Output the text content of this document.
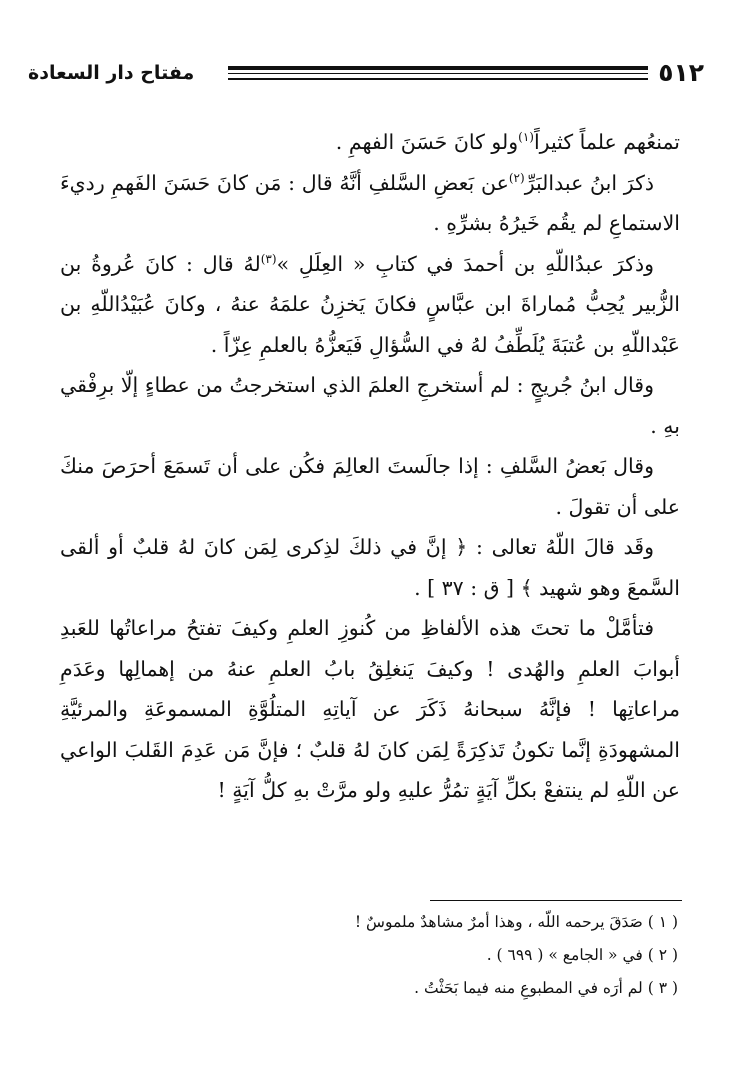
٥١٢
مفتاح دار السعادة

تمنعُهم علماً كثيراً$^{(١)}$ولو كانَ حَسَنَ الفهمِ .

ذكرَ ابنُ عبدالبَرِّ$^{(٢)}$عن بَعضِ السَّلفِ أنَّهُ قال : مَن كانَ حَسَنَ الفَهمِ رديءَ الاستماعِ لم يقُم خَيرُهُ بشرِّهِ .

وذكرَ عبدُاللّهِ بن أحمدَ في كتابِ « العِلَلِ »$^{(٣)}$لهُ قال : كانَ عُروةُ بن الزُّبير يُحِبُّ مُماراةَ ابن عبَّاسٍ فكانَ يَخزِنُ علمَهُ عنهُ ، وكانَ عُبَيْدُاللّهِ بن عَبْداللّهِ بن عُتبَةَ يُلَطِّفُ لهُ في السُّؤالِ فَيَعزُّهُ بالعلمِ عِزّاً .

وقال ابنُ جُريجٍ : لم أستخرجِ العلمَ الذي استخرجتُ من عطاءٍ إلّا برِفْقي بهِ .

وقال بَعضُ السَّلفِ : إذا جالَستَ العالِمَ فكُن على أن تَسمَعَ أحرَصَ منكَ على أن تقولَ .

وقَد قالَ اللّهُ تعالى : ﴿ إنَّ في ذلكَ لذِكرى لِمَن كانَ لهُ قلبٌ أو ألقى السَّمعَ وهو شهيد ﴾ [ ق : ٣٧ ] .

فتأمَّلْ ما تحتَ هذه الألفاظِ من كُنوزِ العلمِ وكيفَ تفتحُ مراعاتُها للعَبدِ أبوابَ العلمِ والهُدى ! وكيفَ يَنغلِقُ بابُ العلمِ عنهُ من إهمالِها وعَدَمِ مراعاتِها ! فإنَّهُ سبحانهُ ذَكَرَ عن آياتِهِ المتلُوَّةِ المسموعَةِ والمرئيَّةِ المشهودَةِ إنَّما تكونُ تَذكِرَةً لِمَن كانَ لهُ قلبٌ ؛ فإنَّ مَن عَدِمَ القَلبَ الواعي عن اللّهِ لم ينتفعْ بكلِّ آيَةٍ تمُرُّ عليهِ ولو مرَّتْ بهِ كلُّ آيَةٍ !

( ١ ) صَدَقَ يرحمه اللّه ، وهذا أمرٌ مشاهدٌ ملموسٌ !

( ٢ ) في « الجامع » ( ٦٩٩ ) .

( ٣ ) لم أرَه في المطبوعِ منه فيما بَحَثْتُ .
